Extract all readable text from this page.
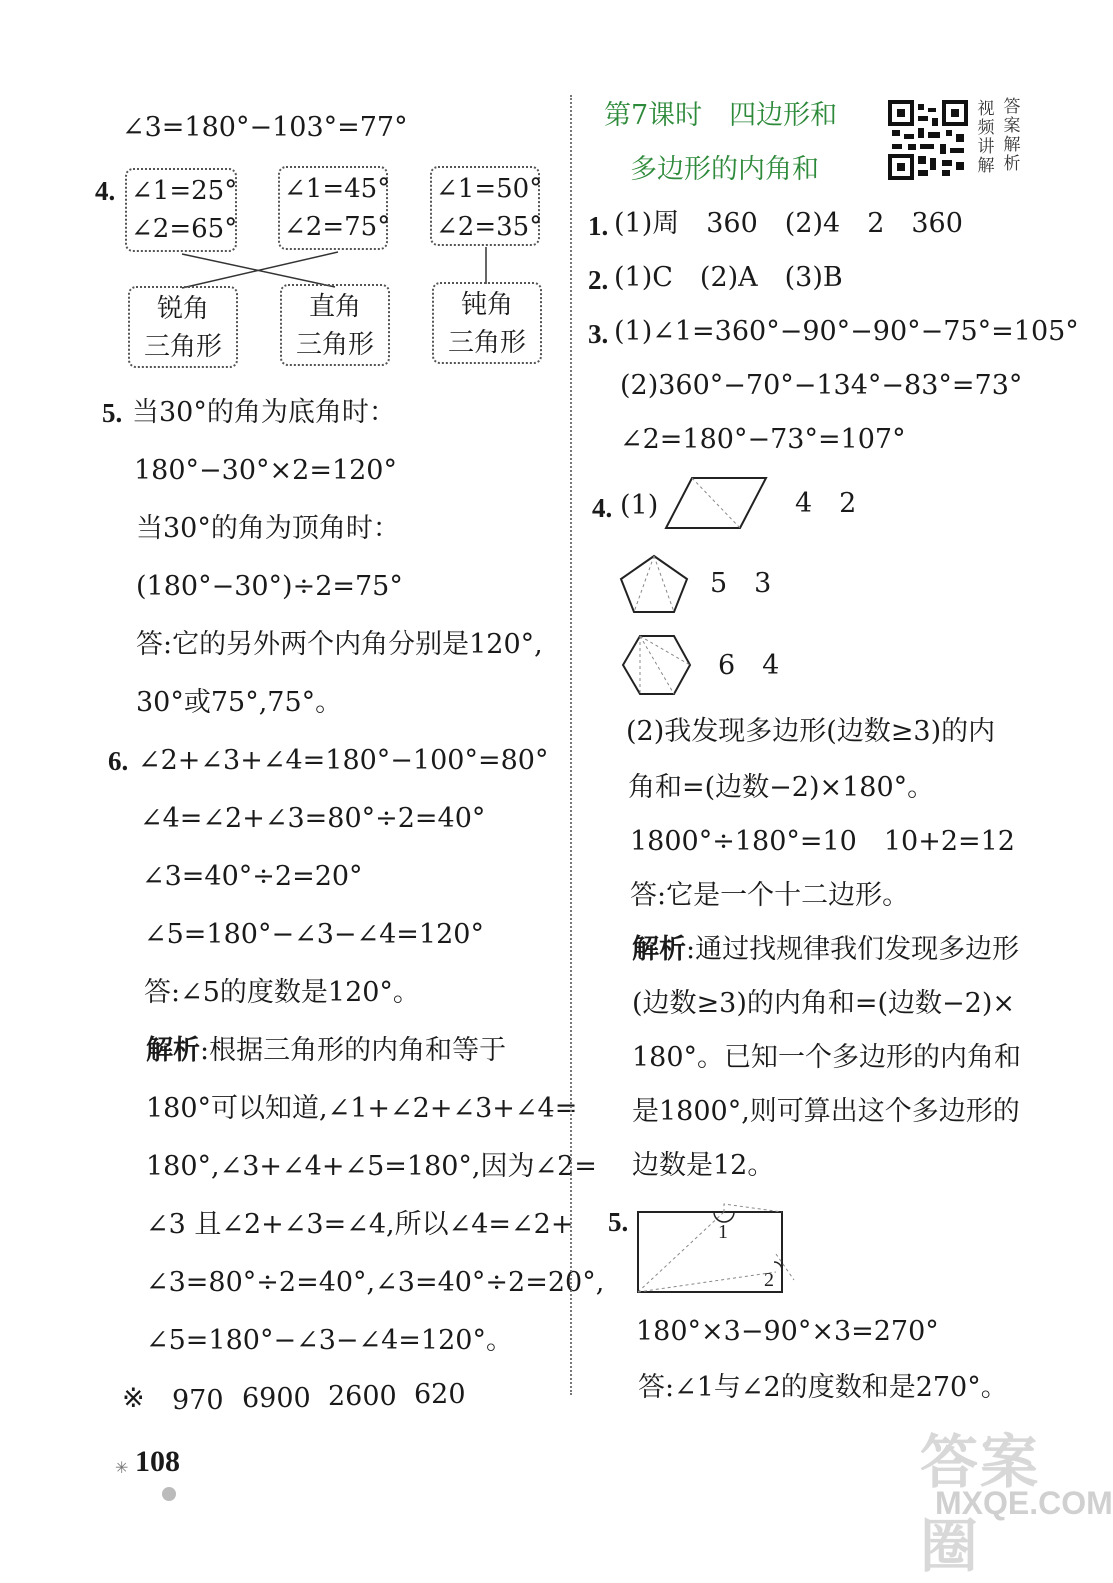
∠3=180°−103°=77°
4. ∠1=25°
∠2=65°
∠1=45°
∠2=75°
∠1=50°
∠2=35°
锐角
三角形
直角
三角形
钝角
三角形
5. 当30°的角为底角时：
180°−30°×2=120°
当30°的角为顶角时：
(180°−30°)÷2=75°
答:它的另外两个内角分别是120°,
30°或75°,75°。
6. ∠2+∠3+∠4=180°−100°=80°
∠4=∠2+∠3=80°÷2=40°
∠3=40°÷2=20°
∠5=180°−∠3−∠4=120°
答:∠5的度数是120°。
解析:根据三角形的内角和等于
180°可以知道,∠1+∠2+∠3+∠4=
180°,∠3+∠4+∠5=180°,因为∠2=
∠3 且∠2+∠3=∠4,所以∠4=∠2+
∠3=80°÷2=40°,∠3=40°÷2=20°,
∠5=180°−∠3−∠4=120°。
※ 970 6900 2600 620
108
✳
第7课时　四边形和
多边形的内角和
视频讲解
答案解析
1. (1)周　360　(2)4　2　360
2. (1)C　(2)A　(3)B
3. (1)∠1=360°−90°−90°−75°=105°
(2)360°−70°−134°−83°=73°
∠2=180°−73°=107°
4. (1)	4　2
5　3
6　4
(2)我发现多边形(边数≥3)的内
角和=(边数−2)×180°。
1800°÷180°=10　10+2=12
答:它是一个十二边形。
解析:通过找规律我们发现多边形
(边数≥3)的内角和=(边数−2)×
180°。已知一个多边形的内角和
是1800°,则可算出这个多边形的
边数是12。
5.	1
2
180°×3−90°×3=270°
答:∠1与∠2的度数和是270°。
答案圈
MXQE.COM
